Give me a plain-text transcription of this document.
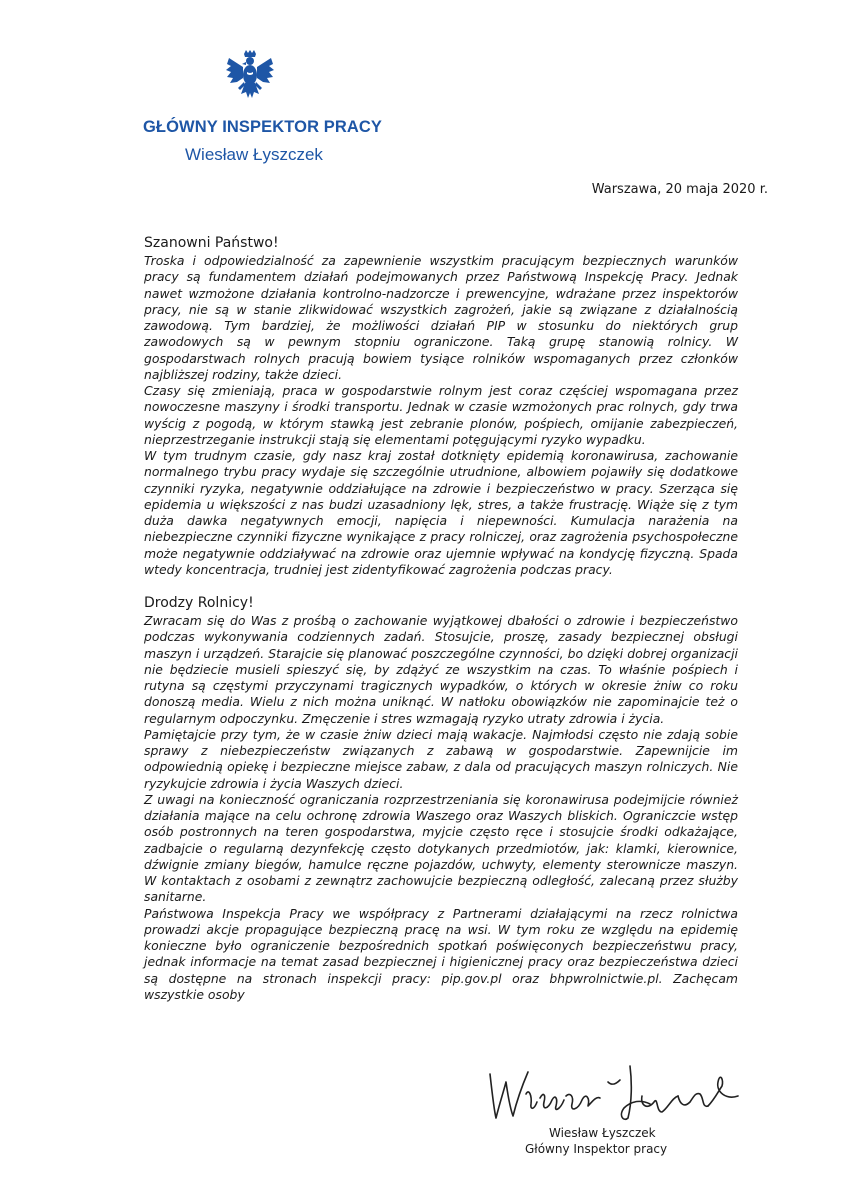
GŁÓWNY INSPEKTOR PRACY
Wiesław Łyszczek
Warszawa, 20 maja 2020 r.

Szanowni Państwo!

Troska i odpowiedzialność za zapewnienie wszystkim pracującym bezpiecznych warunków pracy są fundamentem działań podejmowanych przez Państwową Inspekcję Pracy. Jednak nawet wzmożone działania kontrolno-nadzorcze i prewencyjne, wdrażane przez inspektorów pracy, nie są w stanie zlikwidować wszystkich zagrożeń, jakie są związane z działalnością zawodową. Tym bardziej, że możliwości działań PIP w stosunku do niektórych grup zawodowych są w pewnym stopniu ograniczone. Taką grupę stanowią rolnicy. W gospodarstwach rolnych pracują bowiem tysiące rolników wspomaganych przez członków najbliższej rodziny, także dzieci.

Czasy się zmieniają, praca w gospodarstwie rolnym jest coraz częściej wspomagana przez nowoczesne maszyny i środki transportu. Jednak w czasie wzmożonych prac rolnych, gdy trwa wyścig z pogodą, w którym stawką jest zebranie plonów, pośpiech, omijanie zabezpieczeń, nieprzestrzeganie instrukcji stają się elementami potęgującymi ryzyko wypadku.

W tym trudnym czasie, gdy nasz kraj został dotknięty epidemią koronawirusa, zachowanie normalnego trybu pracy wydaje się szczególnie utrudnione, albowiem pojawiły się dodatkowe czynniki ryzyka, negatywnie oddziałujące na zdrowie i bezpieczeństwo w pracy. Szerząca się epidemia u większości z nas budzi uzasadniony lęk, stres, a także frustrację. Wiąże się z tym duża dawka negatywnych emocji, napięcia i niepewności. Kumulacja narażenia na niebezpieczne czynniki fizyczne wynikające z pracy rolniczej, oraz zagrożenia psychospołeczne może negatywnie oddziaływać na zdrowie oraz ujemnie wpływać na kondycję fizyczną. Spada wtedy koncentracja, trudniej jest zidentyfikować zagrożenia podczas pracy.

Drodzy Rolnicy!

Zwracam się do Was z prośbą o zachowanie wyjątkowej dbałości o zdrowie i bezpieczeństwo podczas wykonywania codziennych zadań. Stosujcie, proszę, zasady bezpiecznej obsługi maszyn i urządzeń. Starajcie się planować poszczególne czynności, bo dzięki dobrej organizacji nie będziecie musieli spieszyć się, by zdążyć ze wszystkim na czas. To właśnie pośpiech i rutyna są częstymi przyczynami tragicznych wypadków, o których w okresie żniw co roku donoszą media. Wielu z nich można uniknąć. W natłoku obowiązków nie zapominajcie też o regularnym odpoczynku. Zmęczenie i stres wzmagają ryzyko utraty zdrowia i życia.

Pamiętajcie przy tym, że w czasie żniw dzieci mają wakacje. Najmłodsi często nie zdają sobie sprawy z niebezpieczeństw związanych z zabawą w gospodarstwie. Zapewnijcie im odpowiednią opiekę i bezpieczne miejsce zabaw, z dala od pracujących maszyn rolniczych. Nie ryzykujcie zdrowia i życia Waszych dzieci.

Z uwagi na konieczność ograniczania rozprzestrzeniania się koronawirusa podejmijcie również działania mające na celu ochronę zdrowia Waszego oraz Waszych bliskich. Ograniczcie wstęp osób postronnych na teren gospodarstwa, myjcie często ręce i stosujcie środki odkażające, zadbajcie o regularną dezynfekcję często dotykanych przedmiotów, jak: klamki, kierownice, dźwignie zmiany biegów, hamulce ręczne pojazdów, uchwyty, elementy sterownicze maszyn. W kontaktach z osobami z zewnątrz zachowujcie bezpieczną odległość, zalecaną przez służby sanitarne.

Państwowa Inspekcja Pracy we współpracy z Partnerami działającymi na rzecz rolnictwa prowadzi akcje propagujące bezpieczną pracę na wsi. W tym roku ze względu na epidemię konieczne było ograniczenie bezpośrednich spotkań poświęconych bezpieczeństwu pracy, jednak informacje na temat zasad bezpiecznej i higienicznej pracy oraz bezpieczeństwa dzieci są dostępne na stronach inspekcji pracy: pip.gov.pl oraz bhpwrolnictwie.pl. Zachęcam wszystkie osoby

Wiesław Łyszczek
Główny Inspektor pracy
